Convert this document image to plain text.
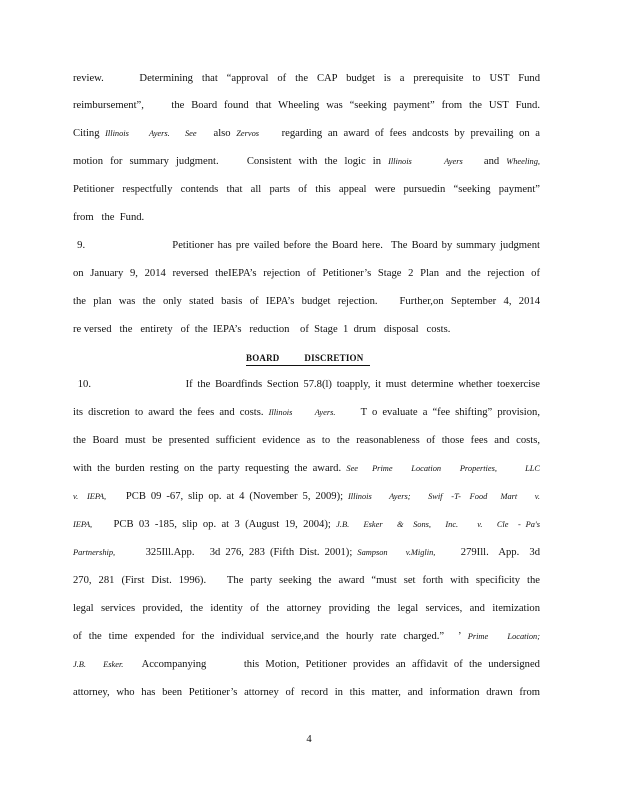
review.    Determining that “approval of the CAP budget is a prerequisite to UST Fund
reimbursement”,    the Board found that Wheeling was “seeking payment” from the UST Fund.
Citing Illinois    Ayers.   See   also Zervos    regarding an award of fees andcosts by prevailing on a
motion for summary judgment.    Consistent with the logic in Illinois     Ayers   and Wheeling,
Petitioner respectfully contends that all parts of this appeal were pursuedin “seeking payment”
from   the  Fund.
9.                     Petitioner has pre vailed before the Board here.  The Board by summary judgment
on January 9, 2014 reversed theIEPA’s rejection of Petitioner’s Stage 2 Plan and the rejection of
the plan was the only stated basis of IEPA’s budget rejection.   Further,on September 4, 2014
re versed   the   entirety   of  the  IEPA’s   reduction    of  Stage  1  drum   disposal   costs.
10.                    If the Boardfinds Section 57.8(l) toapply, it must determine whether toexercise
its discretion to award the fees and costs. Illinois     Ayers.     T o evaluate a “fee shifting” provision,
the Board must be presented sufficient evidence as to the reasonableness of those fees and costs,
with the burden resting on the party requesting the award. See   Prime    Location    Properties,      LLC
v.  IEPA,    PCB 09 -67, slip op. at 4 (November 5, 2009); Illinois    Ayers;    Swif  -T-  Food   Mart    v.
IEPA,    PCB 03 -185, slip op. at 3 (August 19, 2004); J.B.   Esker   &  Sons,   Inc.    v.   Cle  - Pa's
Partnership,      325Ill.App.   3d 276, 283 (Fifth Dist. 2001); Sampson    v.Miglin,     279Ill.  App.  3d
270, 281 (First Dist. 1996).   The party seeking the award “must set forth with specificity the
legal services provided, the identity of the attorney providing the legal services, and itemization
of the time expended for the individual service,and the hourly rate charged.”  ’ Prime   Location;
J.B.   Esker.   Accompanying      this Motion, Petitioner provides an affidavit of the undersigned
attorney, who has been Petitioner’s attorney of record in this matter, and information drawn from
BOARD	DISCRETION
4
